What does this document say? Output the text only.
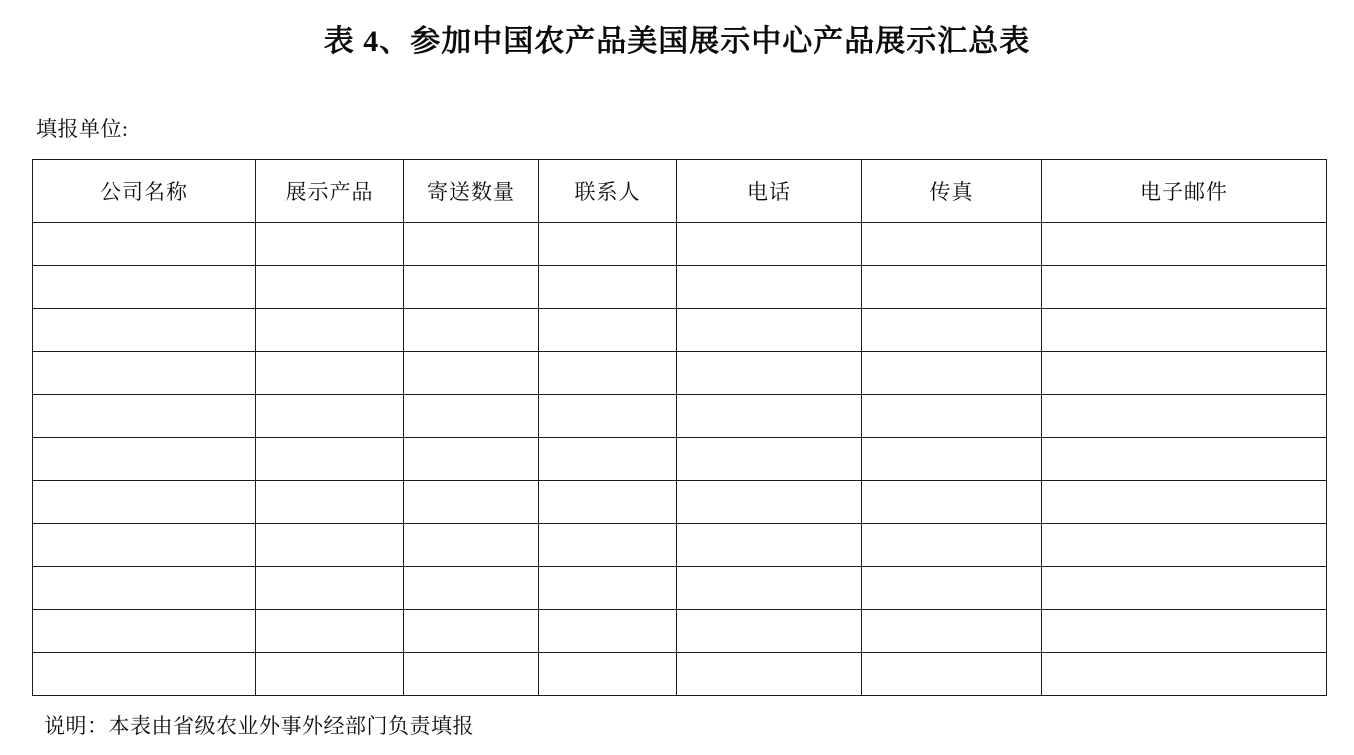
表 4、参加中国农产品美国展示中心产品展示汇总表
填报单位:
公司名称	展示产品	寄送数量	联系人	电话	传真	电子邮件

说明：本表由省级农业外事外经部门负责填报
